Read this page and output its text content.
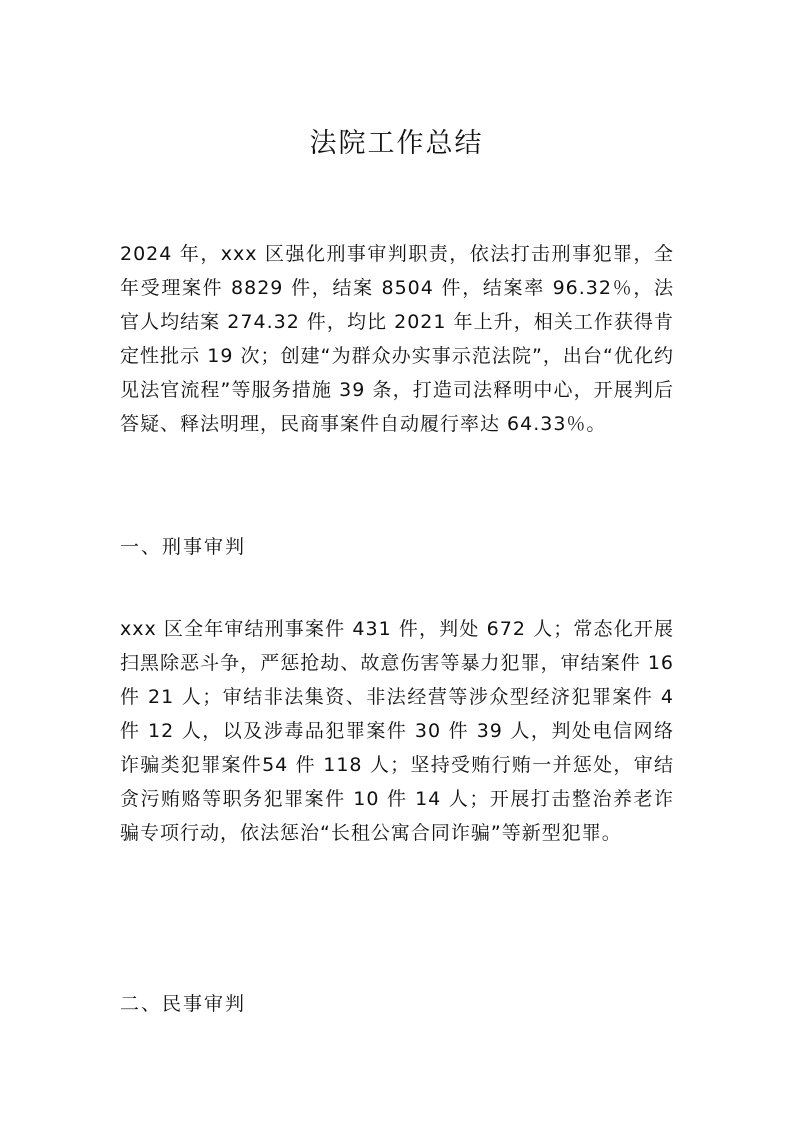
法院工作总结

2024 年，xxx 区强化刑事审判职责，依法打击刑事犯罪，全年受理案件 8829 件，结案 8504 件，结案率 96.32％，法官人均结案 274.32 件，均比 2021 年上升，相关工作获得肯定性批示 19 次；创建“为群众办实事示范法院”，出台“优化约见法官流程”等服务措施 39 条，打造司法释明中心，开展判后答疑、释法明理，民商事案件自动履行率达 64.33％。

一、刑事审判

xxx 区全年审结刑事案件 431 件，判处 672 人；常态化开展扫黑除恶斗争，严惩抢劫、故意伤害等暴力犯罪，审结案件 16 件 21 人；审结非法集资、非法经营等涉众型经济犯罪案件 4 件 12 人，以及涉毒品犯罪案件 30 件 39 人，判处电信网络诈骗类犯罪案件54 件 118 人；坚持受贿行贿一并惩处，审结贪污贿赂等职务犯罪案件 10 件 14 人；开展打击整治养老诈骗专项行动，依法惩治“长租公寓合同诈骗”等新型犯罪。

二、民事审判
